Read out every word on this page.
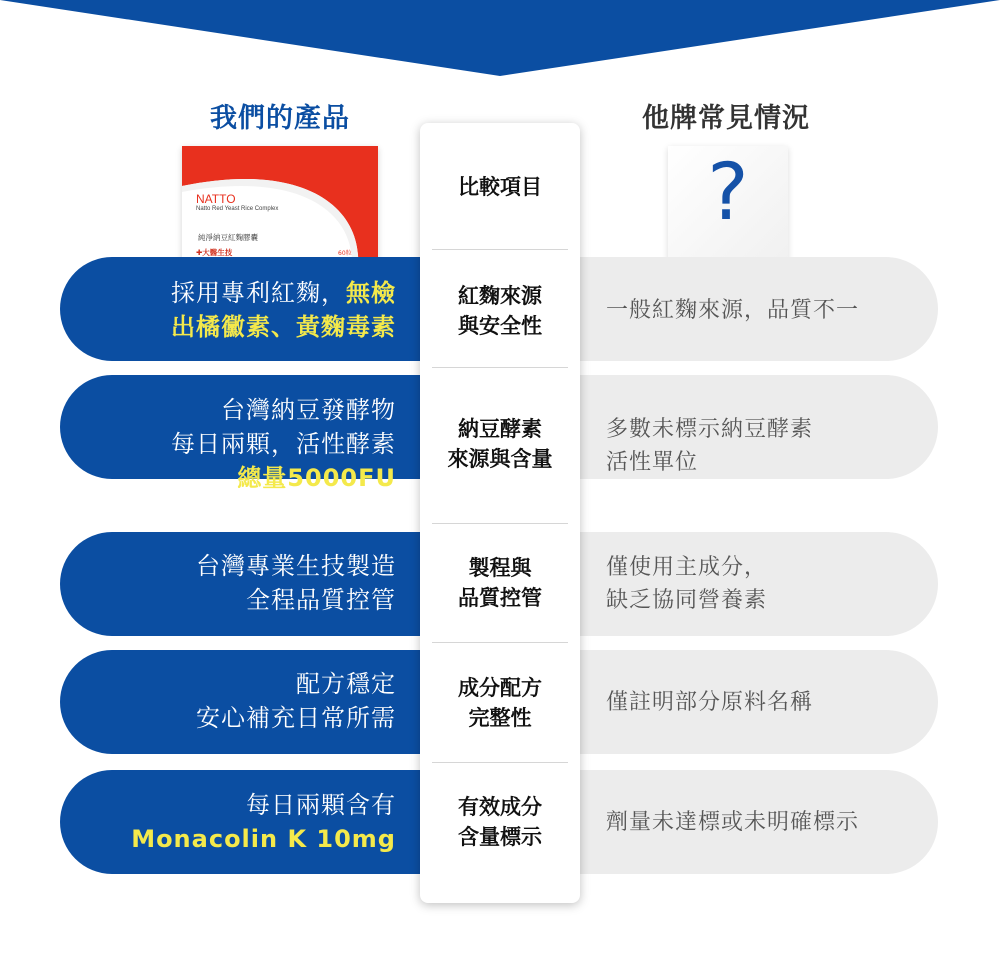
我們的產品	他牌常見情況
NATTO
Natto Red Yeast Rice Complex
純淨納豆紅麴膠囊
✚大醫生技	60粒
?
採用專利紅麴，無檢
出橘黴素、黃麴毒素
台灣納豆發酵物
每日兩顆，活性酵素
總量5000FU
台灣專業生技製造
全程品質控管
配方穩定
安心補充日常所需
每日兩顆含有
Monacolin K 10mg
一般紅麴來源，品質不一
多數未標示納豆酵素
活性單位
僅使用主成分，
缺乏協同營養素
僅註明部分原料名稱
劑量未達標或未明確標示
比較項目
紅麴來源
與安全性
納豆酵素
來源與含量
製程與
品質控管
成分配方
完整性
有效成分
含量標示
